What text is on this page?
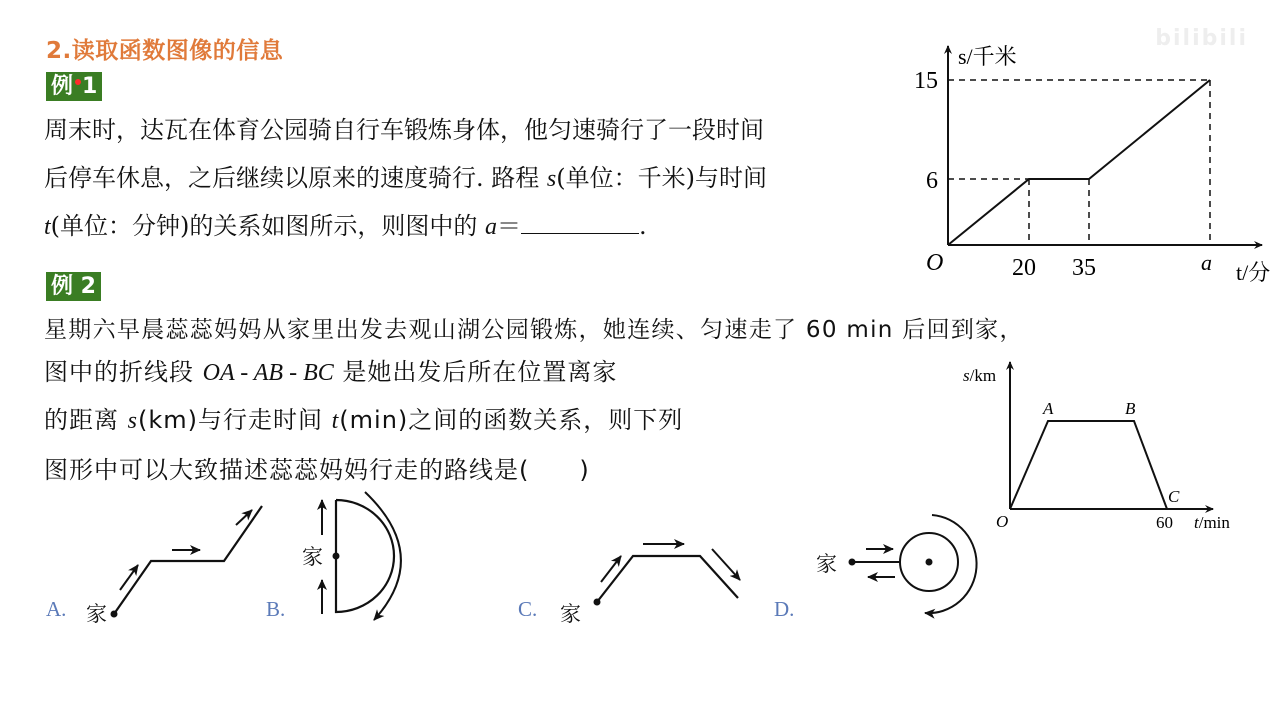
2.读取函数图像的信息
例 1
周末时，达瓦在体育公园骑自行车锻炼身体，他匀速骑行了一段时间
后停车休息，之后继续以原来的速度骑行. 路程 s(单位：千米)与时间
t(单位：分钟)的关系如图所示，则图中的 a＝	.
s/千米
15
6
O	20 35	a t/分
bilibili
例 2
星期六早晨蕊蕊妈妈从家里出发去观山湖公园锻炼，她连续、匀速走了 60 min 后回到家，
图中的折线段 OA - AB - BC 是她出发后所在位置离家
的距离 s(km)与行走时间 t(min)之间的函数关系，则下列
图形中可以大致描述蕊蕊妈妈行走的路线是(　　)
s/km
A	B
C
O	60 t/min
A. 家	B.
家
C. 家	D.
家
